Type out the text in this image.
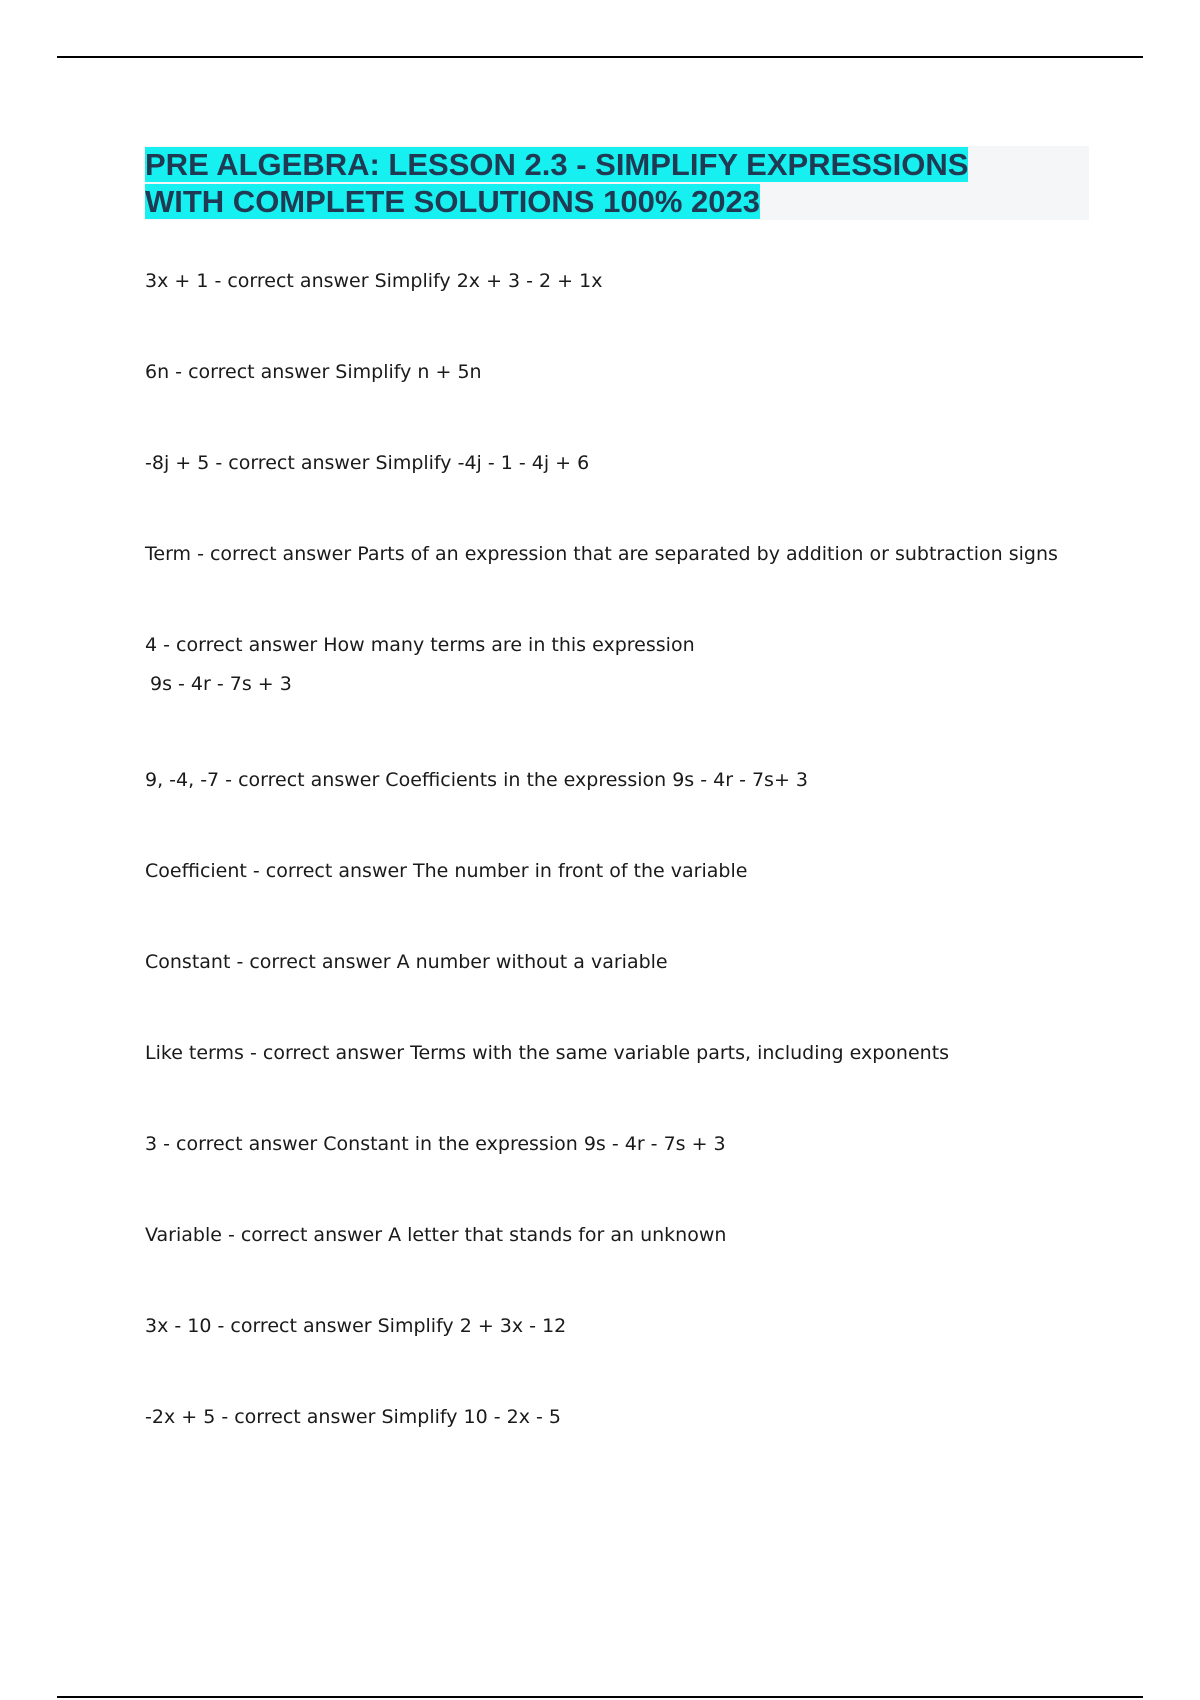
PRE ALGEBRA: LESSON 2.3 - SIMPLIFY EXPRESSIONS
WITH COMPLETE SOLUTIONS 100% 2023
3x + 1 - correct answer Simplify 2x + 3 - 2 + 1x
6n - correct answer Simplify n + 5n
-8j + 5 - correct answer Simplify -4j - 1 - 4j + 6
Term - correct answer Parts of an expression that are separated by addition or subtraction signs
4 - correct answer How many terms are in this expression
9s - 4r - 7s + 3
9, -4, -7 - correct answer Coefficients in the expression 9s - 4r - 7s+ 3
Coefficient - correct answer The number in front of the variable
Constant - correct answer A number without a variable
Like terms - correct answer Terms with the same variable parts, including exponents
3 - correct answer Constant in the expression 9s - 4r - 7s + 3
Variable - correct answer A letter that stands for an unknown
3x - 10 - correct answer Simplify 2 + 3x - 12
-2x + 5 - correct answer Simplify 10 - 2x - 5
